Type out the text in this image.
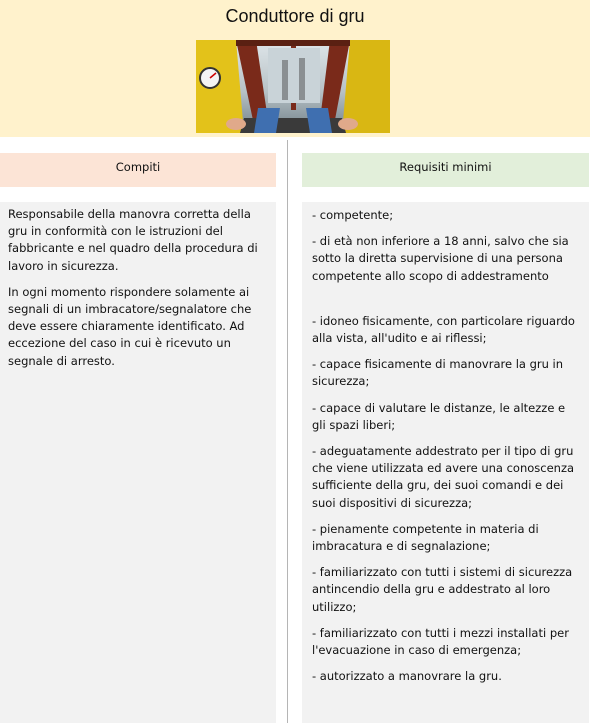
Conduttore di gru
Compiti	Requisiti minimi

Responsabile della manovra corretta della gru in conformità con le istruzioni del fabbricante e nel quadro della procedura di lavoro in sicurezza.

In ogni momento rispondere solamente ai segnali di un imbracatore/segnalatore che deve essere chiaramente identificato. Ad eccezione del caso in cui è ricevuto un segnale di arresto.

- competente;

- di età non inferiore a 18 anni, salvo che sia sotto la diretta supervisione di una persona competente allo scopo di addestramento

- idoneo fisicamente, con particolare riguardo alla vista, all'udito e ai riflessi;

- capace fisicamente di manovrare la gru in sicurezza;

- capace di valutare le distanze, le altezze e gli spazi liberi;

- adeguatamente addestrato per il tipo di gru che viene utilizzata ed avere una conoscenza sufficiente della gru, dei suoi comandi e dei suoi dispositivi di sicurezza;

- pienamente competente in materia di imbracatura e di segnalazione;

- familiarizzato con tutti i sistemi di sicurezza antincendio della gru e addestrato al loro utilizzo;

- familiarizzato con tutti i mezzi installati per l'evacuazione in caso di emergenza;

- autorizzato a manovrare la gru.
